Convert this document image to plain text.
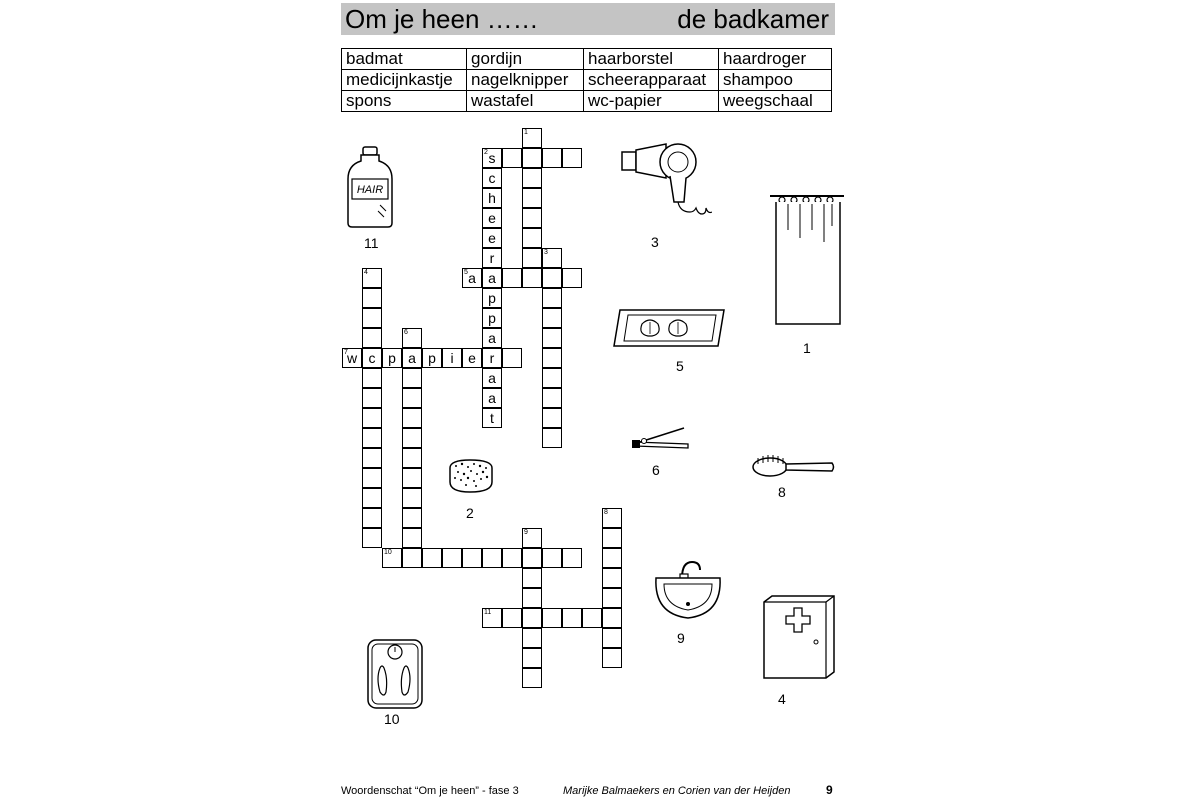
Om je heen ……	de badkamer
badmat	gordijn	haarborstel	haardroger
medicijnkastje	nagelknipper	scheerapparaat	shampoo
spons	wastafel	wc-papier	weegschaal
1
s
2
c
h
e
e
r
a
p
p
a
r
a
a
t
3
4
c
a
5
6
a
w
7	p	p	i	e
8
9
10
11
HAIR
11	3
1
5
6
8
2
9
4
10
Woordenschat “Om je heen” - fase 3	Marijke Balmaekers en Corien van der Heijden	9
